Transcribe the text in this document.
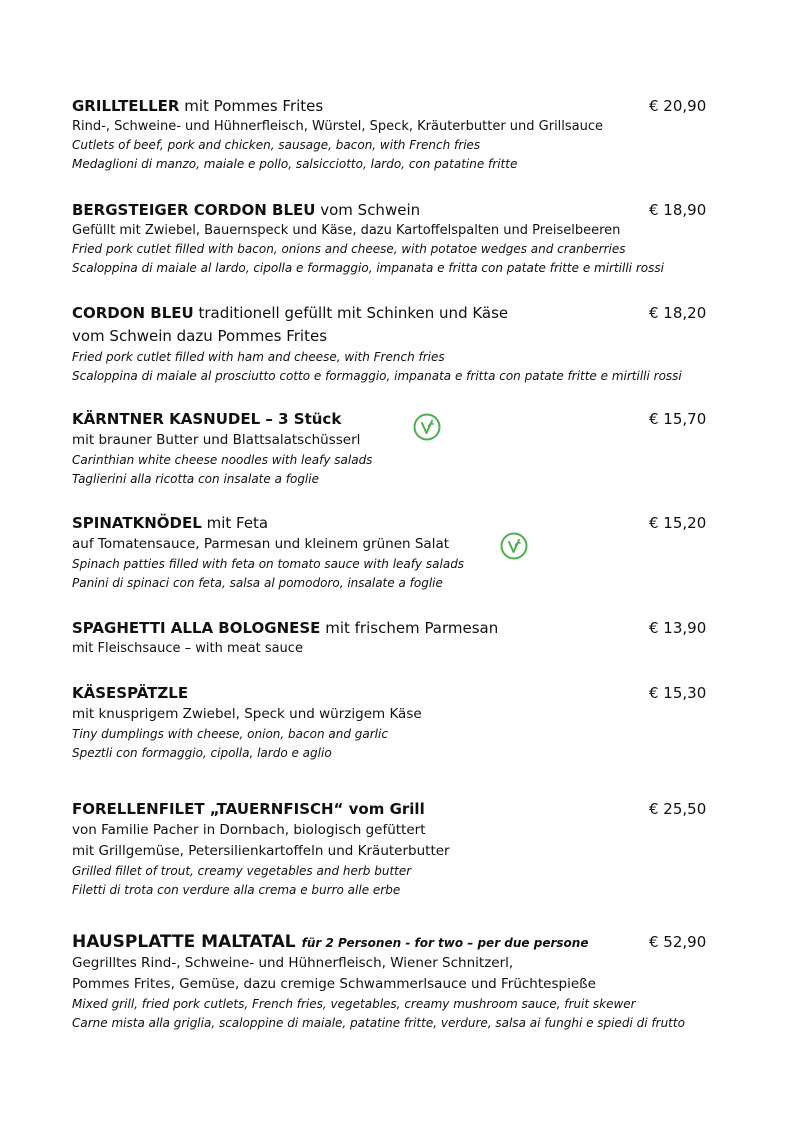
GRILLTELLER mit Pommes Frites	€ 20,90
Rind-, Schweine- und Hühnerfleisch, Würstel, Speck, Kräuterbutter und Grillsauce
Cutlets of beef, pork and chicken, sausage, bacon, with French fries
Medaglioni di manzo, maiale e pollo, salsicciotto, lardo, con patatine fritte
BERGSTEIGER CORDON BLEU vom Schwein	€ 18,90
Gefüllt mit Zwiebel, Bauernspeck und Käse, dazu Kartoffelspalten und Preiselbeeren
Fried pork cutlet filled with bacon, onions and cheese, with potatoe wedges and cranberries
Scaloppina di maiale al lardo, cipolla e formaggio, impanata e fritta con patate fritte e mirtilli rossi
CORDON BLEU traditionell gefüllt mit Schinken und Käse	€ 18,20
vom Schwein dazu Pommes Frites
Fried pork cutlet filled with ham and cheese, with French fries
Scaloppina di maiale al prosciutto cotto e formaggio, impanata e fritta con patate fritte e mirtilli rossi
KÄRNTNER KASNUDEL – 3 Stück	€ 15,70
mit brauner Butter und Blattsalatschüsserl
Carinthian white cheese noodles with leafy salads
Taglierini alla ricotta con insalate a foglie
SPINATKNÖDEL mit Feta	€ 15,20
auf Tomatensauce, Parmesan und kleinem grünen Salat
Spinach patties filled with feta on tomato sauce with leafy salads
Panini di spinaci con feta, salsa al pomodoro, insalate a foglie
SPAGHETTI ALLA BOLOGNESE mit frischem Parmesan	€ 13,90
mit Fleischsauce – with meat sauce
KÄSESPÄTZLE	€ 15,30
mit knusprigem Zwiebel, Speck und würzigem Käse
Tiny dumplings with cheese, onion, bacon and garlic
Speztli con formaggio, cipolla, lardo e aglio
FORELLENFILET „TAUERNFISCH“ vom Grill	€ 25,50
von Familie Pacher in Dornbach, biologisch gefüttert
mit Grillgemüse, Petersilienkartoffeln und Kräuterbutter
Grilled fillet of trout, creamy vegetables and herb butter
Filetti di trota con verdure alla crema e burro alle erbe
HAUSPLATTE MALTATAL für 2 Personen - for two – per due persone	€ 52,90
Gegrilltes Rind-, Schweine- und Hühnerfleisch, Wiener Schnitzerl,
Pommes Frites, Gemüse, dazu cremige Schwammerlsauce und Früchtespieße
Mixed grill, fried pork cutlets, French fries, vegetables, creamy mushroom sauce, fruit skewer
Carne mista alla griglia, scaloppine di maiale, patatine fritte, verdure, salsa ai funghi e spiedi di frutto
